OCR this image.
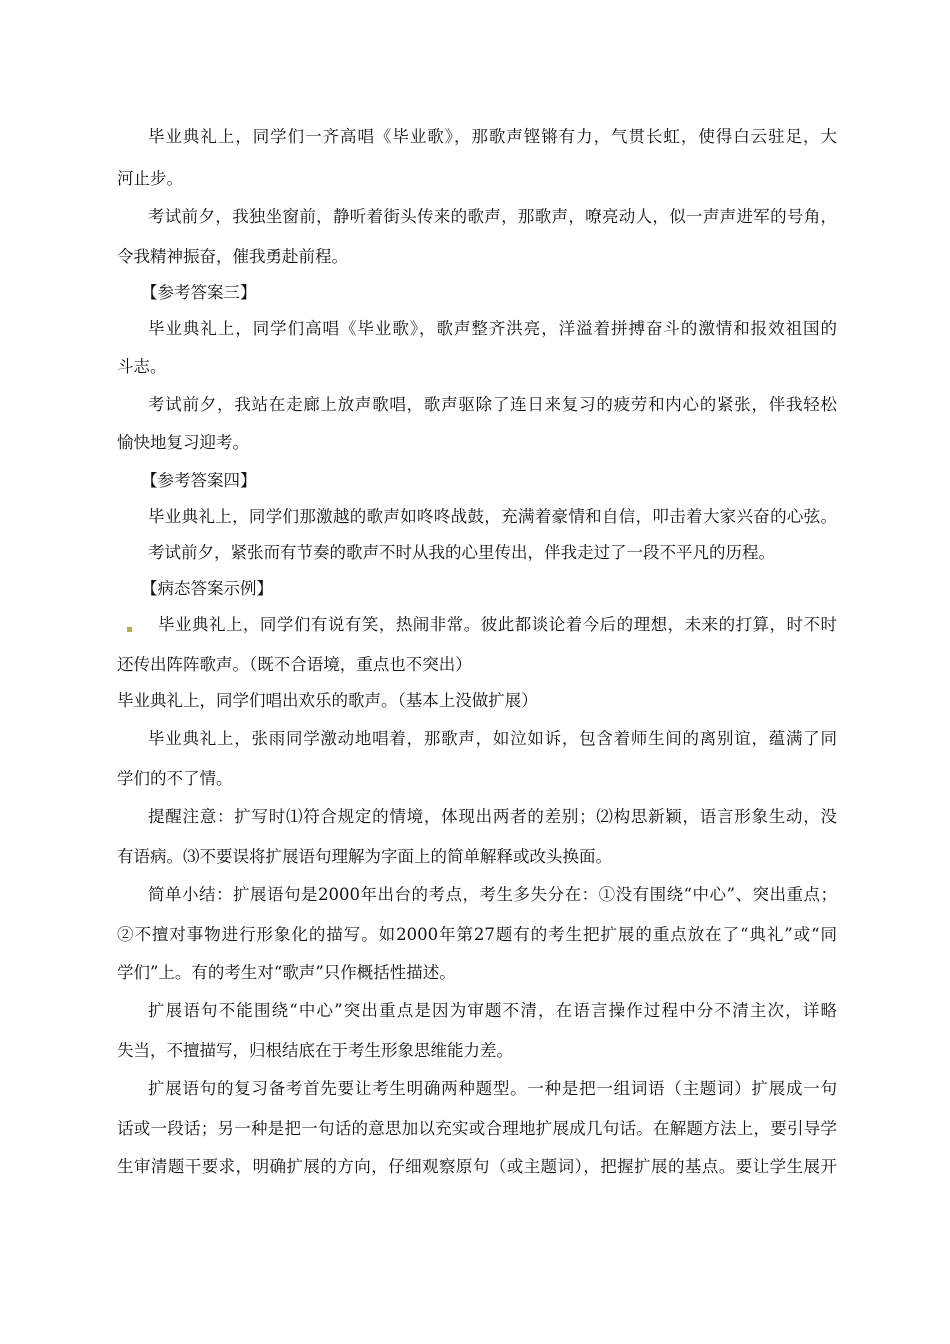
毕业典礼上，同学们一齐高唱《毕业歌》，那歌声铿锵有力，气贯长虹，使得白云驻足，大
河止步。
考试前夕，我独坐窗前，静听着街头传来的歌声，那歌声，嘹亮动人，似一声声进军的号角，
令我精神振奋，催我勇赴前程。
【参考答案三】
毕业典礼上，同学们高唱《毕业歌》，歌声整齐洪亮，洋溢着拼搏奋斗的激情和报效祖国的
斗志。
考试前夕，我站在走廊上放声歌唱，歌声驱除了连日来复习的疲劳和内心的紧张，伴我轻松
愉快地复习迎考。
【参考答案四】
毕业典礼上，同学们那激越的歌声如咚咚战鼓，充满着豪情和自信，叩击着大家兴奋的心弦。
考试前夕，紧张而有节奏的歌声不时从我的心里传出，伴我走过了一段不平凡的历程。
【病态答案示例】
毕业典礼上，同学们有说有笑，热闹非常。彼此都谈论着今后的理想，未来的打算，时不时
还传出阵阵歌声。（既不合语境，重点也不突出）
毕业典礼上，同学们唱出欢乐的歌声。（基本上没做扩展）
毕业典礼上，张雨同学激动地唱着，那歌声，如泣如诉，包含着师生间的离别谊，蕴满了同
学们的不了情。
提醒注意：扩写时⑴符合规定的情境，体现出两者的差别；⑵构思新颖，语言形象生动，没
有语病。⑶不要误将扩展语句理解为字面上的简单解释或改头换面。
简单小结：扩展语句是2000年出台的考点，考生多失分在：①没有围绕“中心”、突出重点；
②不擅对事物进行形象化的描写。如2000年第27题有的考生把扩展的重点放在了“典礼”或“同
学们”上。有的考生对“歌声”只作概括性描述。
扩展语句不能围绕“中心”突出重点是因为审题不清，在语言操作过程中分不清主次，详略
失当，不擅描写，归根结底在于考生形象思维能力差。
扩展语句的复习备考首先要让考生明确两种题型。一种是把一组词语（主题词）扩展成一句
话或一段话；另一种是把一句话的意思加以充实或合理地扩展成几句话。在解题方法上，要引导学
生审清题干要求，明确扩展的方向，仔细观察原句（或主题词），把握扩展的基点。要让学生展开
